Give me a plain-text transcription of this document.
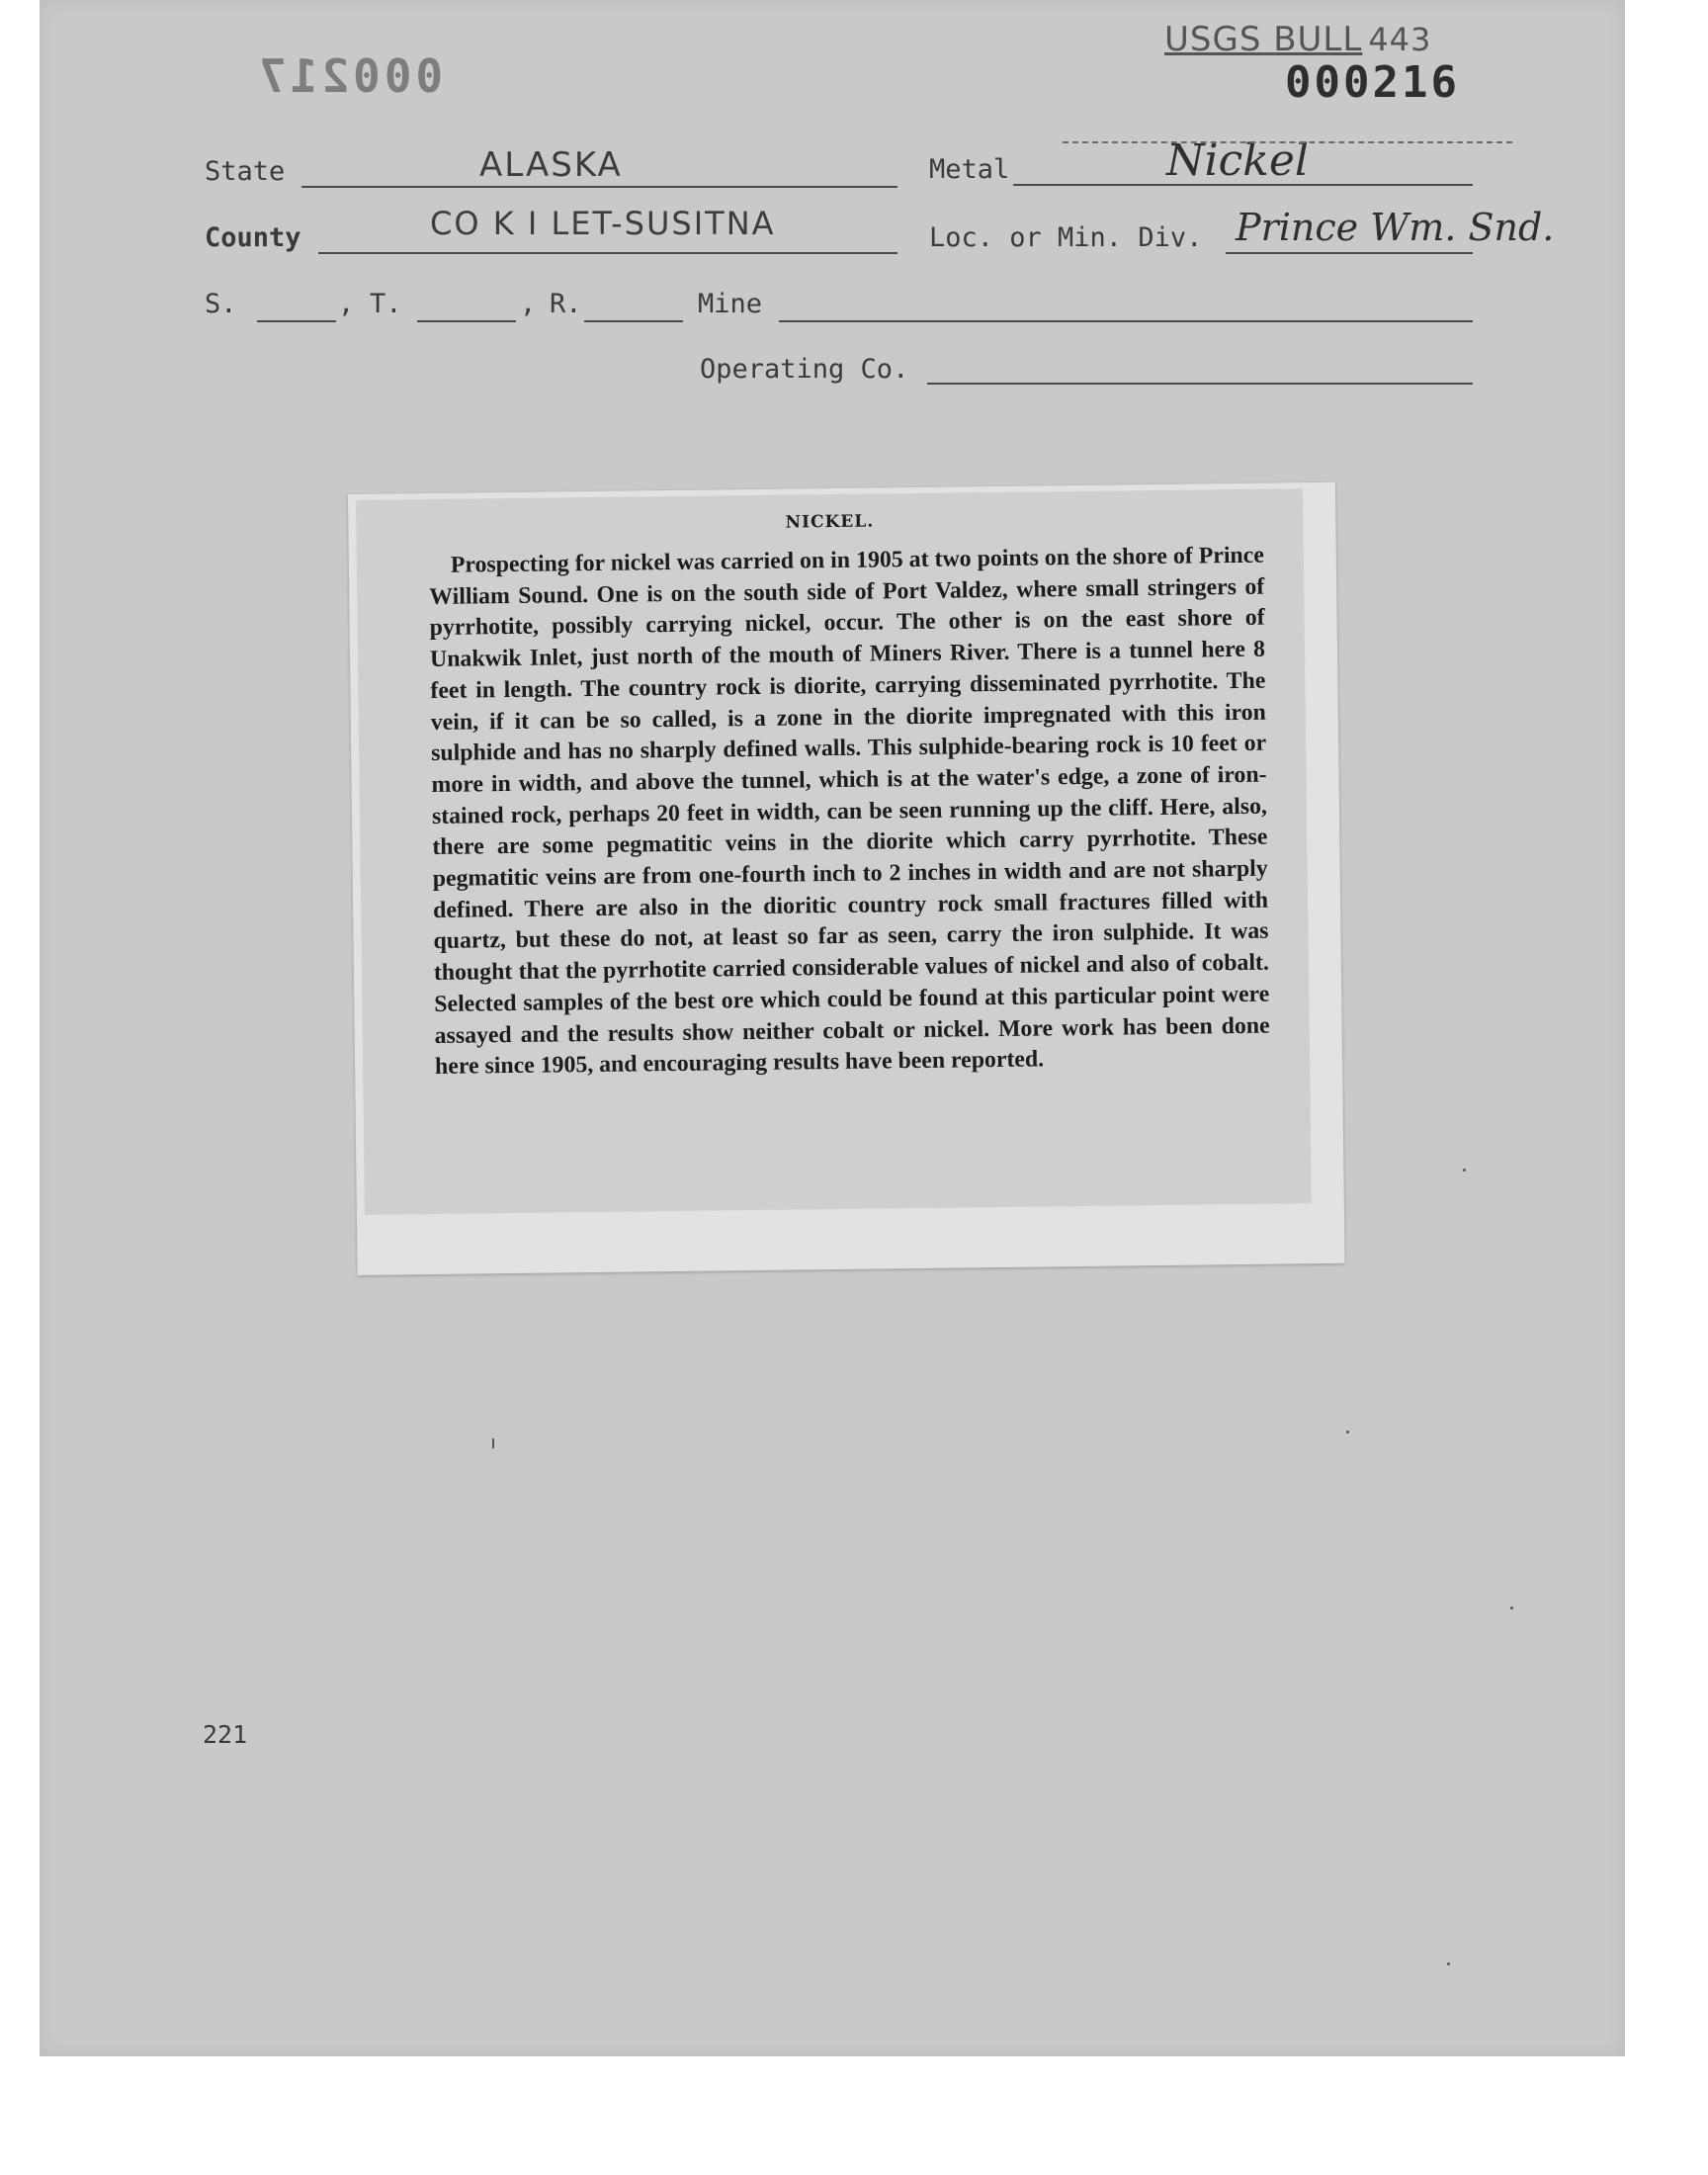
000217
USGS BULL 443
000216
State	ALASKA	Metal	Nickel
County	CO K I LET-SUSITNA	Loc. or Min. Div. Prince Wm. Snd.
S.	, T.	, R.	Mine
Operating Co.
NICKEL.

Prospecting for nickel was carried on in 1905 at two points on the shore of Prince William Sound. One is on the south side of Port Valdez, where small stringers of pyrrhotite, possibly carrying nickel, occur. The other is on the east shore of Unakwik Inlet, just north of the mouth of Miners River. There is a tunnel here 8 feet in length. The country rock is diorite, carrying disseminated pyrrhotite. The vein, if it can be so called, is a zone in the diorite impregnated with this iron sulphide and has no sharply defined walls. This sulphide-bearing rock is 10 feet or more in width, and above the tunnel, which is at the water's edge, a zone of iron-stained rock, perhaps 20 feet in width, can be seen running up the cliff. Here, also, there are some pegmatitic veins in the diorite which carry pyrrhotite. These pegmatitic veins are from one-fourth inch to 2 inches in width and are not sharply defined. There are also in the dioritic country rock small fractures filled with quartz, but these do not, at least so far as seen, carry the iron sulphide. It was thought that the pyrrhotite carried considerable values of nickel and also of cobalt. Selected samples of the best ore which could be found at this particular point were assayed and the results show neither cobalt or nickel. More work has been done here since 1905, and encouraging results have been reported.

221
